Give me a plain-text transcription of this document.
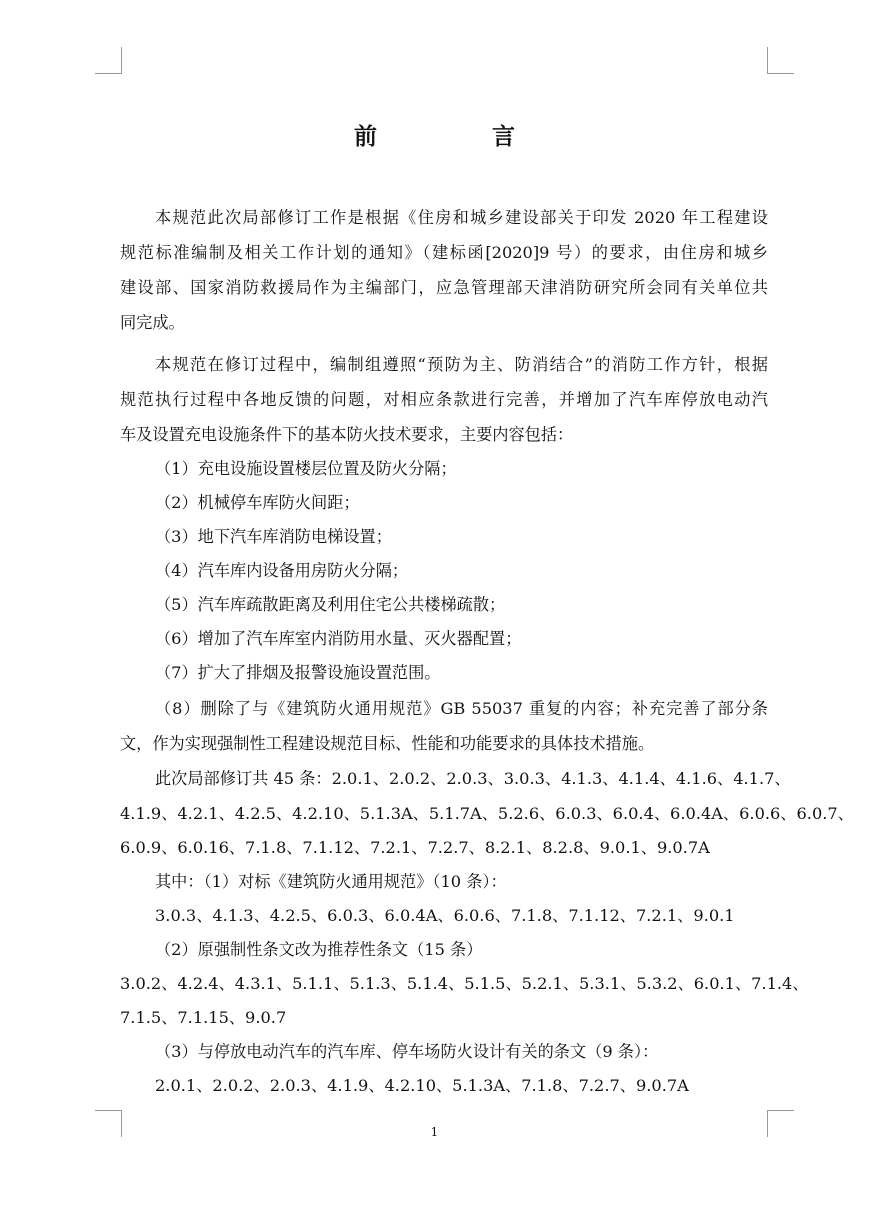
前　言
本规范此次局部修订工作是根据《住房和城乡建设部关于印发 2020 年工程建设
规范标准编制及相关工作计划的通知》（建标函[2020]9 号）的要求，由住房和城乡
建设部、国家消防救援局作为主编部门，应急管理部天津消防研究所会同有关单位共
同完成。
本规范在修订过程中，编制组遵照“预防为主、防消结合”的消防工作方针，根据
规范执行过程中各地反馈的问题，对相应条款进行完善，并增加了汽车库停放电动汽
车及设置充电设施条件下的基本防火技术要求，主要内容包括：
（1）充电设施设置楼层位置及防火分隔；
（2）机械停车库防火间距；
（3）地下汽车库消防电梯设置；
（4）汽车库内设备用房防火分隔；
（5）汽车库疏散距离及利用住宅公共楼梯疏散；
（6）增加了汽车库室内消防用水量、灭火器配置；
（7）扩大了排烟及报警设施设置范围。
（8）删除了与《建筑防火通用规范》GB 55037 重复的内容；补充完善了部分条
文，作为实现强制性工程建设规范目标、性能和功能要求的具体技术措施。
此次局部修订共 45 条：2.0.1、2.0.2、2.0.3、3.0.3、4.1.3、4.1.4、4.1.6、4.1.7、
4.1.9、4.2.1、4.2.5、4.2.10、5.1.3A、5.1.7A、5.2.6、6.0.3、6.0.4、6.0.4A、6.0.6、6.0.7、
6.0.9、6.0.16、7.1.8、7.1.12、7.2.1、7.2.7、8.2.1、8.2.8、9.0.1、9.0.7A
其中：（1）对标《建筑防火通用规范》（10 条）：
3.0.3、4.1.3、4.2.5、6.0.3、6.0.4A、6.0.6、7.1.8、7.1.12、7.2.1、9.0.1
（2）原强制性条文改为推荐性条文（15 条）
3.0.2、4.2.4、4.3.1、5.1.1、5.1.3、5.1.4、5.1.5、5.2.1、5.3.1、5.3.2、6.0.1、7.1.4、
7.1.5、7.1.15、9.0.7
（3）与停放电动汽车的汽车库、停车场防火设计有关的条文（9 条）：
2.0.1、2.0.2、2.0.3、4.1.9、4.2.10、5.1.3A、7.1.8、7.2.7、9.0.7A
1
